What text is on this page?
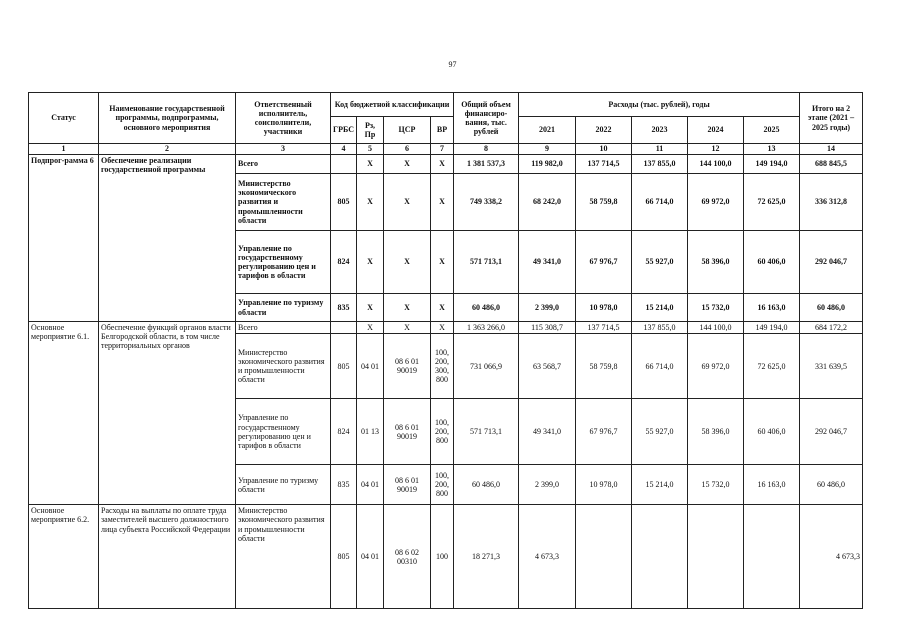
97
Статус	Наименование государственной программы, подпрограммы, основного мероприятия	Ответственный исполнитель, соисполнители, участники	Код бюджетной классификации				Общий объем финансиро-вания, тыс. рублей	Расходы (тыс. рублей), годы					Итого на 2 этапе (2021 – 2025 годы)
			ГРБС	Рз, Пр	ЦСР	ВР		2021	2022	2023	2024	2025	
1	2	3	4	5	6	7	8	9	10	11	12	13	14
Подпрог-рамма 6	Обеспечение реализации государственной программы	Всего		Х	Х	Х	1 381 537,3	119 982,0	137 714,5	137 855,0	144 100,0	149 194,0	688 845,5
		Министерство экономического развития и промышленности области	805	Х	Х	Х	749 338,2	68 242,0	58 759,8	66 714,0	69 972,0	72 625,0	336 312,8
		Управление по государственному регулированию цен и тарифов в области	824	Х	Х	Х	571 713,1	49 341,0	67 976,7	55 927,0	58 396,0	60 406,0	292 046,7
		Управление по туризму области	835	Х	Х	Х	60 486,0	2 399,0	10 978,0	15 214,0	15 732,0	16 163,0	60 486,0
Основное мероприятие 6.1.	Обеспечение функций органов власти Белгородской области, в том числе территориальных органов	Всего		Х	Х	Х	1 363 266,0	115 308,7	137 714,5	137 855,0	144 100,0	149 194,0	684 172,2
		Министерство экономического развития и промышленности области	805	04 01	08 6 01 90019	100, 200, 300, 800	731 066,9	63 568,7	58 759,8	66 714,0	69 972,0	72 625,0	331 639,5
		Управление по государственному регулированию цен и тарифов в области	824	01 13	08 6 01 90019	100, 200, 800	571 713,1	49 341,0	67 976,7	55 927,0	58 396,0	60 406,0	292 046,7
		Управление по туризму области	835	04 01	08 6 01 90019	100, 200, 800	60 486,0	2 399,0	10 978,0	15 214,0	15 732,0	16 163,0	60 486,0
Основное мероприятие 6.2.	Расходы на выплаты по оплате труда заместителей высшего должностного лица субъекта Российской Федерации	Министерство экономического развития и промышленности области	805	04 01	08 6 02 00310	100	18 271,3	4 673,3					4 673,3
